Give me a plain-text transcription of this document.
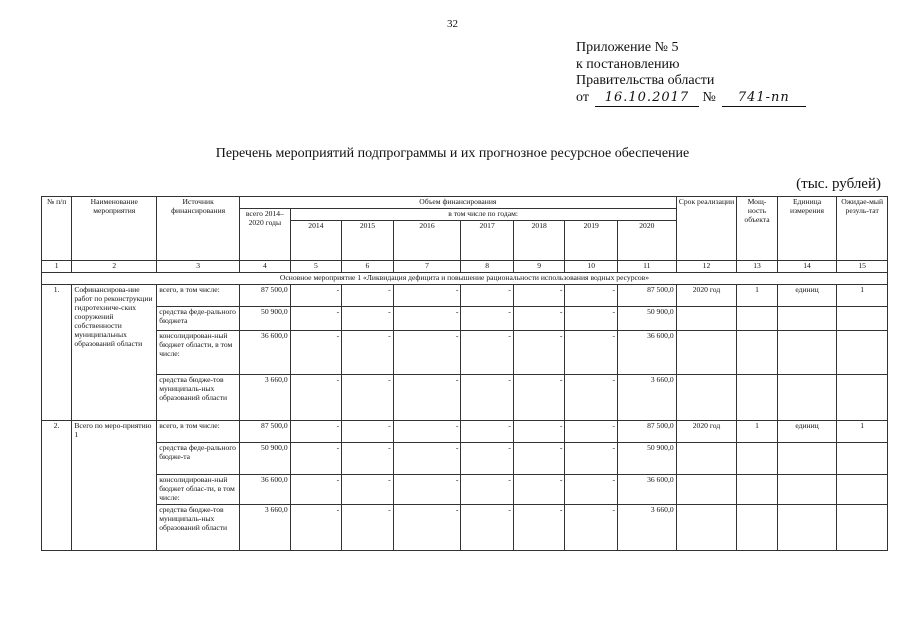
32
Приложение № 5
к постановлению
Правительства области
от 16.10.2017 № 741-пп
Перечень мероприятий подпрограммы и их прогнозное ресурсное обеспечение
(тыс. рублей)
№ п/п	Наименование мероприятия	Источник финансирования	Объем финансирования								Срок реализации	Мощ-ность объекта	Единица измерения	Ожидае-мый резуль-тат
			всего 2014–2020 годы	в том числе по годам:										
				2014	2015	2016	2017	2018	2019	2020				
1	2	3	4	5	6	7	8	9	10	11	12	13	14	15
Основное мероприятие 1 «Ликвидация дефицита и повышение рациональности использования водных ресурсов»														
1.	Софинансирова-ние работ по реконструкции гидротехниче-ских сооружений собственности муниципальных образований области	всего, в том числе:	87 500,0	-	-	-	-	-	-	87 500,0	2020 год	1	единиц	1
		средства феде-рального бюджета	50 900,0	-	-	-	-	-	-	50 900,0				
		консолидирован-ный бюджет области, в том числе:	36 600,0	-	-	-	-	-	-	36 600,0				
		средства бюдже-тов муниципаль-ных образований области	3 660,0	-	-	-	-	-	-	3 660,0				
2.	Всего по меро-приятию 1	всего, в том числе:	87 500,0	-	-	-	-	-	-	87 500,0	2020 год	1	единиц	1
		средства феде-рального бюдже-та	50 900,0	-	-	-	-	-	-	50 900,0				
		консолидирован-ный бюджет облас-ти, в том числе:	36 600,0	-	-	-	-	-	-	36 600,0				
		средства бюдже-тов муниципаль-ных образований области	3 660,0	-	-	-	-	-	-	3 660,0				
